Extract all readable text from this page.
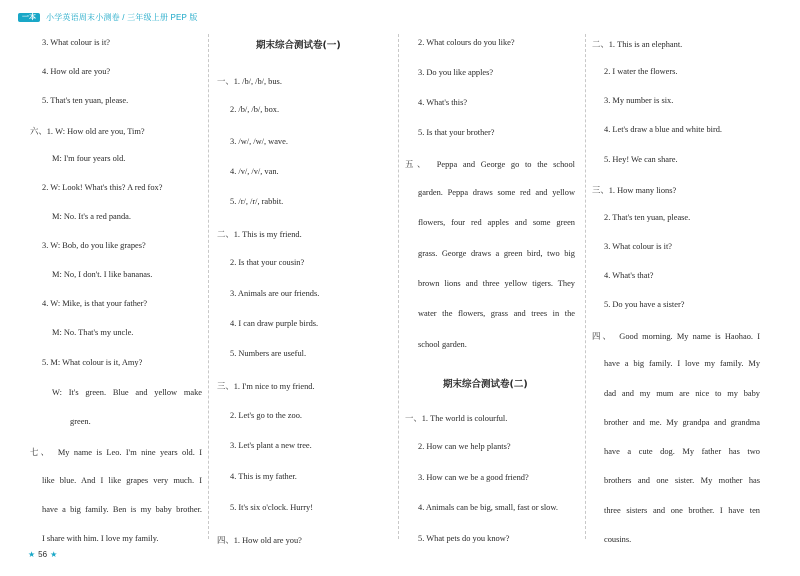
一本	小学英语周末小测卷 / 三年级上册 PEP 版
3. What colour is it?
4. How old are you?
5. That's ten yuan, please.
六、1. W: How old are you, Tim?
M: I'm four years old.
2. W: Look! What's this? A red fox?
M: No. It's a red panda.
3. W: Bob, do you like grapes?
M: No, I don't. I like bananas.
4. W: Mike, is that your father?
M: No. That's my uncle.
5. M: What colour is it, Amy?
W: It's green. Blue and yellow make
green.
七、　My name is Leo. I'm nine years old. I
like blue. And I like grapes very much. I
have a big family. Ben is my baby brother.
I share with him. I love my family.
期末综合测试卷(一)
一、1. /b/, /b/, bus.
2. /b/, /b/, box.
3. /w/, /w/, wave.
4. /v/, /v/, van.
5. /r/, /r/, rabbit.
二、1. This is my friend.
2. Is that your cousin?
3. Animals are our friends.
4. I can draw purple birds.
5. Numbers are useful.
三、1. I'm nice to my friend.
2. Let's go to the zoo.
3. Let's plant a new tree.
4. This is my father.
5. It's six o'clock. Hurry!
四、1. How old are you?
2. What colours do you like?
3. Do you like apples?
4. What's this?
5. Is that your brother?
五、　Peppa and George go to the school
garden. Peppa draws some red and yellow
flowers, four red apples and some green
grass. George draws a green bird, two big
brown lions and three yellow tigers. They
water the flowers, grass and trees in the
school garden.
期末综合测试卷(二)
一、1. The world is colourful.
2. How can we help plants?
3. How can we be a good friend?
4. Animals can be big, small, fast or slow.
5. What pets do you know?
二、1. This is an elephant.
2. I water the flowers.
3. My number is six.
4. Let's draw a blue and white bird.
5. Hey! We can share.
三、1. How many lions?
2. That's ten yuan, please.
3. What colour is it?
4. What's that?
5. Do you have a sister?
四、　Good morning. My name is Haohao. I
have a big family. I love my family. My
dad and my mum are nice to my baby
brother and me. My grandpa and grandma
have a cute dog. My father has two
brothers and one sister. My mother has
three sisters and one brother. I have ten
cousins.
★ 56 ★
